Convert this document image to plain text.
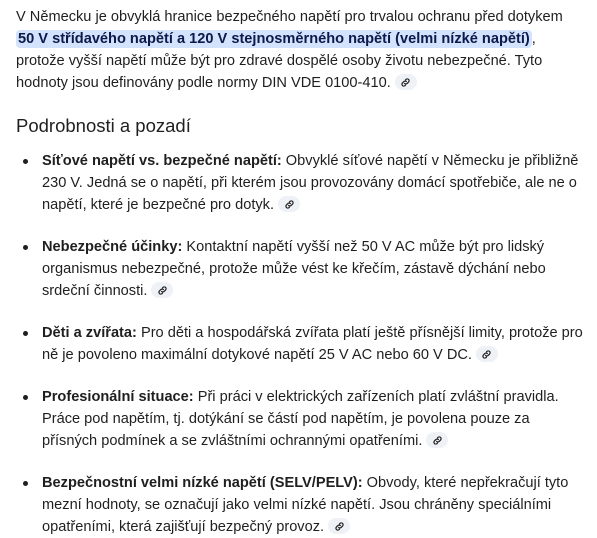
V Německu je obvyklá hranice bezpečného napětí pro trvalou ochranu před dotykem 50 V střídavého napětí a 120 V stejnosměrného napětí (velmi nízké napětí) , protože vyšší napětí může být pro zdravé dospělé osoby životu nebezpečné. Tyto hodnoty jsou definovány podle normy DIN VDE 0100-410.

Podrobnosti a pozadí
Síťové napětí vs. bezpečné napětí: Obvyklé síťové napětí v Německu je přibližně 230 V. Jedná se o napětí, při kterém jsou provozovány domácí spotřebiče, ale ne o napětí, které je bezpečné pro dotyk.
Nebezpečné účinky: Kontaktní napětí vyšší než 50 V AC může být pro lidský organismus nebezpečné, protože může vést ke křečím, zástavě dýchání nebo srdeční činnosti.
Děti a zvířata: Pro děti a hospodářská zvířata platí ještě přísnější limity, protože pro ně je povoleno maximální dotykové napětí 25 V AC nebo 60 V DC.
Profesionální situace: Při práci v elektrických zařízeních platí zvláštní pravidla. Práce pod napětím, tj. dotýkání se částí pod napětím, je povolena pouze za přísných podmínek a se zvláštními ochrannými opatřeními.
Bezpečnostní velmi nízké napětí (SELV/PELV): Obvody, které nepřekračují tyto mezní hodnoty, se označují jako velmi nízké napětí. Jsou chráněny speciálními opatřeními, která zajišťují bezpečný provoz.
